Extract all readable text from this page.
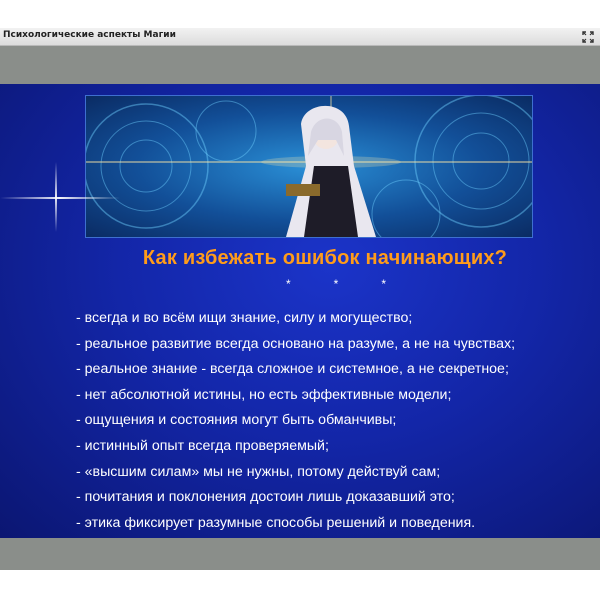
Психологические аспекты Магии
Как избежать ошибок начинающих?
*	*	*
- всегда и во всём ищи знание, силу и могущество;
- реальное развитие всегда основано на разуме, а не на чувствах;
- реальное знание - всегда сложное и системное, а не секретное;
- нет абсолютной истины, но есть эффективные модели;
- ощущения и состояния могут быть обманчивы;
- истинный опыт всегда проверяемый;
- «высшим силам» мы не нужны, потому действуй сам;
- почитания и поклонения достоин лишь доказавший это;
- этика фиксирует разумные способы решений и поведения.
